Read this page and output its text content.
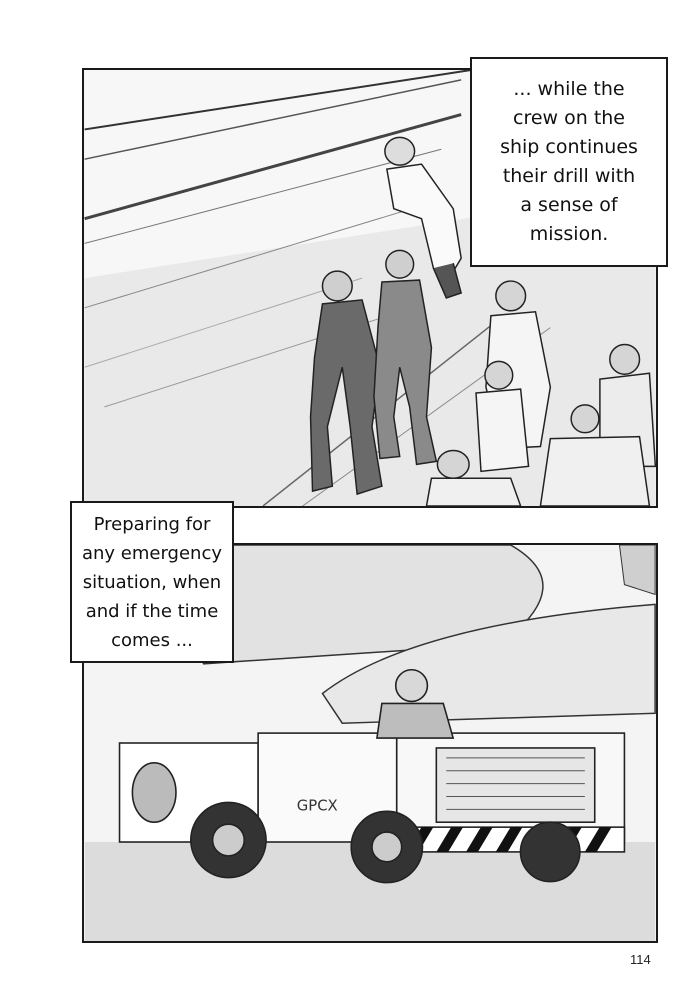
GPCX
... while the
crew on the
ship continues
their drill with
a sense of
mission.
Preparing for
any emergency
situation, when
and if the time
comes ...
114
